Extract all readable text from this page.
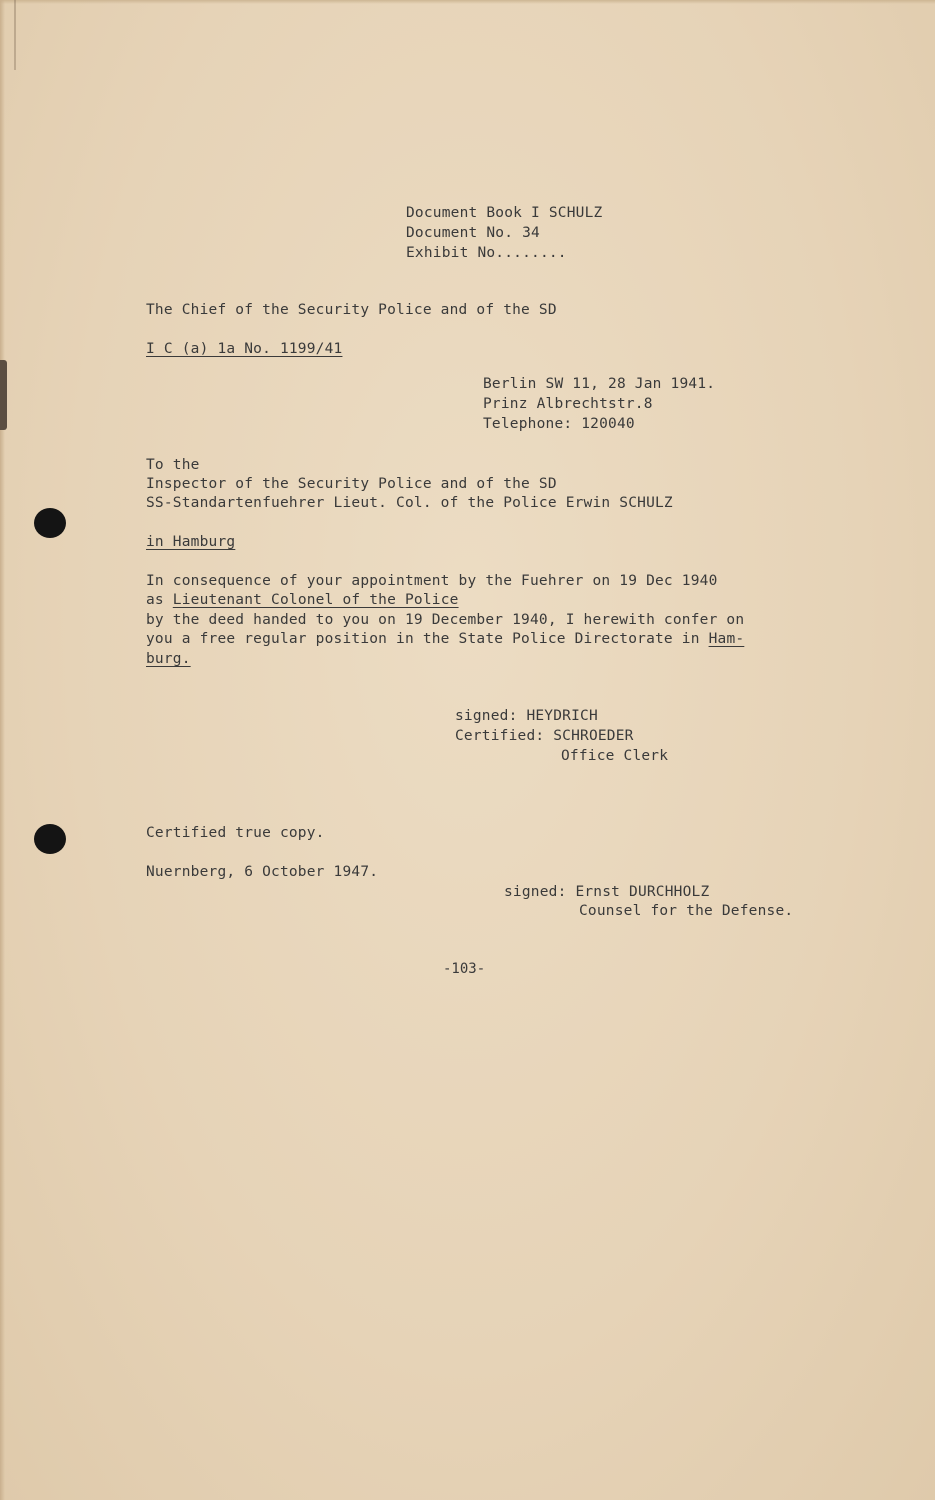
Document Book I SCHULZ
Document No. 34
Exhibit No........
The Chief of the Security Police and of the SD
I C (a) 1a No. 1199/41
Berlin SW 11, 28 Jan 1941.
Prinz Albrechtstr.8
Telephone: 120040
To the
Inspector of the Security Police and of the SD
SS-Standartenfuehrer Lieut. Col. of the Police Erwin SCHULZ
in Hamburg
In consequence of your appointment by the Fuehrer on 19 Dec 1940
as Lieutenant Colonel of the Police
by the deed handed to you on 19 December 1940, I herewith confer on
you a free regular position in the State Police Directorate in Ham-
burg.
signed: HEYDRICH
Certified: SCHROEDER
Office Clerk
Certified true copy.
Nuernberg, 6 October 1947.
signed: Ernst DURCHHOLZ
Counsel for the Defense.
-103-
